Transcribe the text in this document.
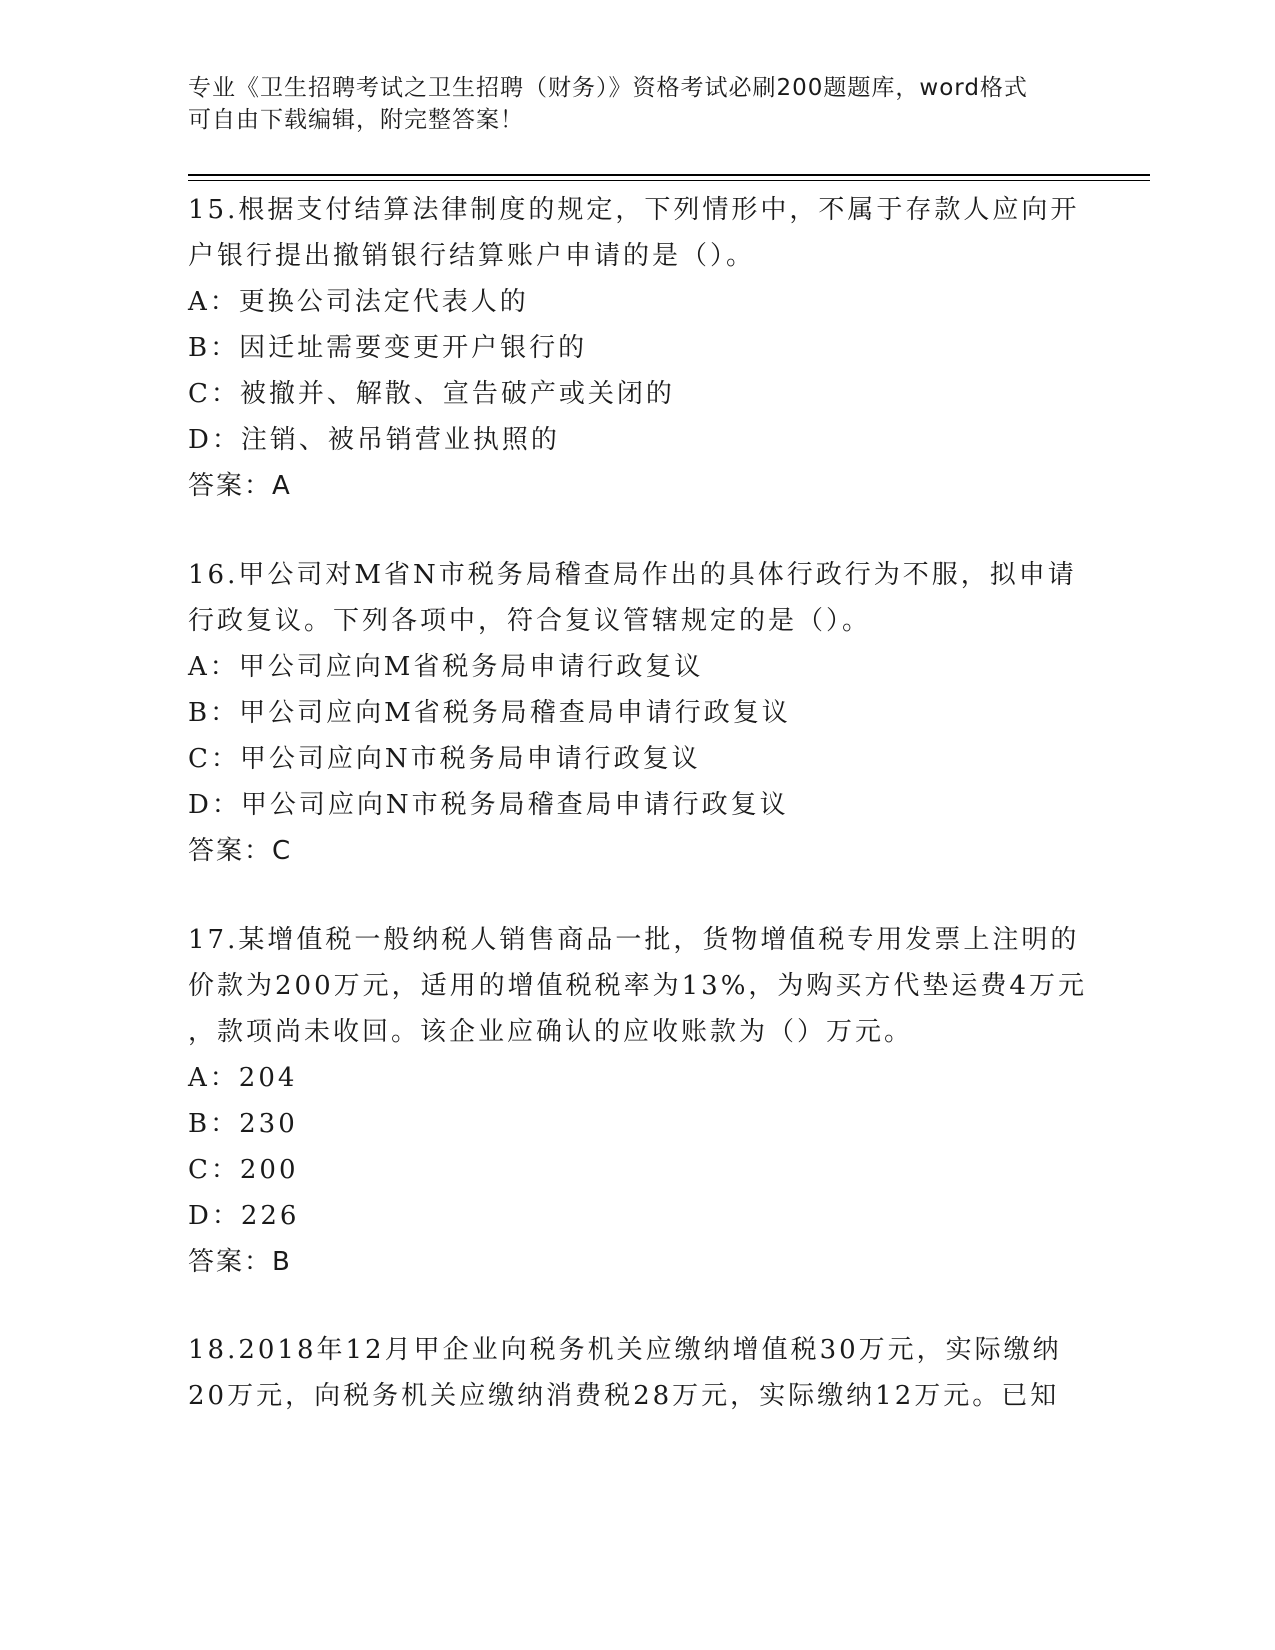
专业《卫生招聘考试之卫生招聘（财务）》资格考试必刷200题题库，word格式
可自由下载编辑，附完整答案！
15.根据支付结算法律制度的规定，下列情形中，不属于存款人应向开
户银行提出撤销银行结算账户申请的是（）。
A：更换公司法定代表人的
B：因迁址需要变更开户银行的
C：被撤并、解散、宣告破产或关闭的
D：注销、被吊销营业执照的
答案：A
16.甲公司对M省N市税务局稽查局作出的具体行政行为不服，拟申请
行政复议。下列各项中，符合复议管辖规定的是（）。
A：甲公司应向M省税务局申请行政复议
B：甲公司应向M省税务局稽查局申请行政复议
C：甲公司应向N市税务局申请行政复议
D：甲公司应向N市税务局稽查局申请行政复议
答案：C
17.某增值税一般纳税人销售商品一批，货物增值税专用发票上注明的
价款为200万元，适用的增值税税率为13%，为购买方代垫运费4万元
，款项尚未收回。该企业应确认的应收账款为（）万元。
A：204
B：230
C：200
D：226
答案：B
18.2018年12月甲企业向税务机关应缴纳增值税30万元，实际缴纳
20万元，向税务机关应缴纳消费税28万元，实际缴纳12万元。已知
